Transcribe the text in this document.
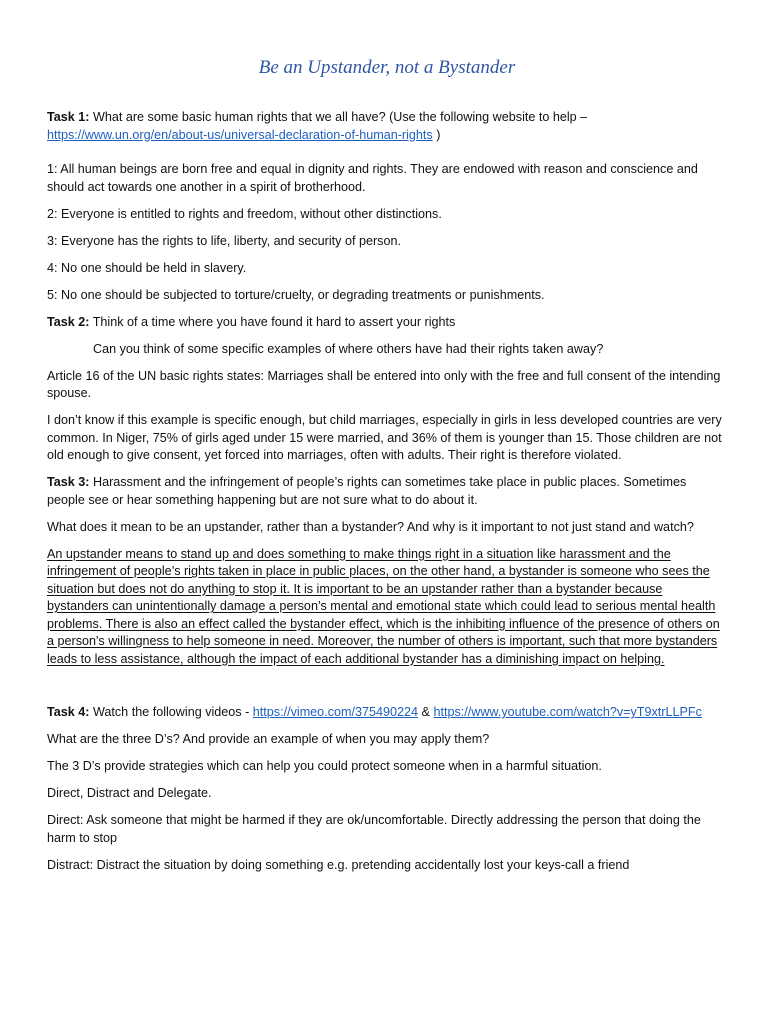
Be an Upstander, not a Bystander

Task 1: What are some basic human rights that we all have? (Use the following website to help –
https://www.un.org/en/about-us/universal-declaration-of-human-rights )

1: All human beings are born free and equal in dignity and rights. They are endowed with reason and conscience and should act towards one another in a spirit of brotherhood.

2: Everyone is entitled to rights and freedom, without other distinctions.

3: Everyone has the rights to life, liberty, and security of person.

4: No one should be held in slavery.

5: No one should be subjected to torture/cruelty, or degrading treatments or punishments.

Task 2: Think of a time where you have found it hard to assert your rights

Can you think of some specific examples of where others have had their rights taken away?

Article 16 of the UN basic rights states: Marriages shall be entered into only with the free and full consent of the intending spouse.

I don’t know if this example is specific enough, but child marriages, especially in girls in less developed countries are very common. In Niger, 75% of girls aged under 15 were married, and 36% of them is younger than 15. Those children are not old enough to give consent, yet forced into marriages, often with adults. Their right is therefore violated.

Task 3: Harassment and the infringement of people’s rights can sometimes take place in public places. Sometimes people see or hear something happening but are not sure what to do about it.

What does it mean to be an upstander, rather than a bystander? And why is it important to not just stand and watch?

An upstander means to stand up and does something to make things right in a situation like harassment and the infringement of people’s rights taken in place in public places, on the other hand, a bystander is someone who sees the situation but does not do anything to stop it. It is important to be an upstander rather than a bystander because bystanders can unintentionally damage a person’s mental and emotional state which could lead to serious mental health problems. There is also an effect called the bystander effect, which is the inhibiting influence of the presence of others on a person's willingness to help someone in need. Moreover, the number of others is important, such that more bystanders leads to less assistance, although the impact of each additional bystander has a diminishing impact on helping.

Task 4: Watch the following videos - https://vimeo.com/375490224 & https://www.youtube.com/watch?v=yT9xtrLLPFc

What are the three D’s? And provide an example of when you may apply them?

The 3 D’s provide strategies which can help you could protect someone when in a harmful situation.

Direct, Distract and Delegate.

Direct: Ask someone that might be harmed if they are ok/uncomfortable. Directly addressing the person that doing the harm to stop

Distract: Distract the situation by doing something e.g. pretending accidentally lost your keys-call a friend
